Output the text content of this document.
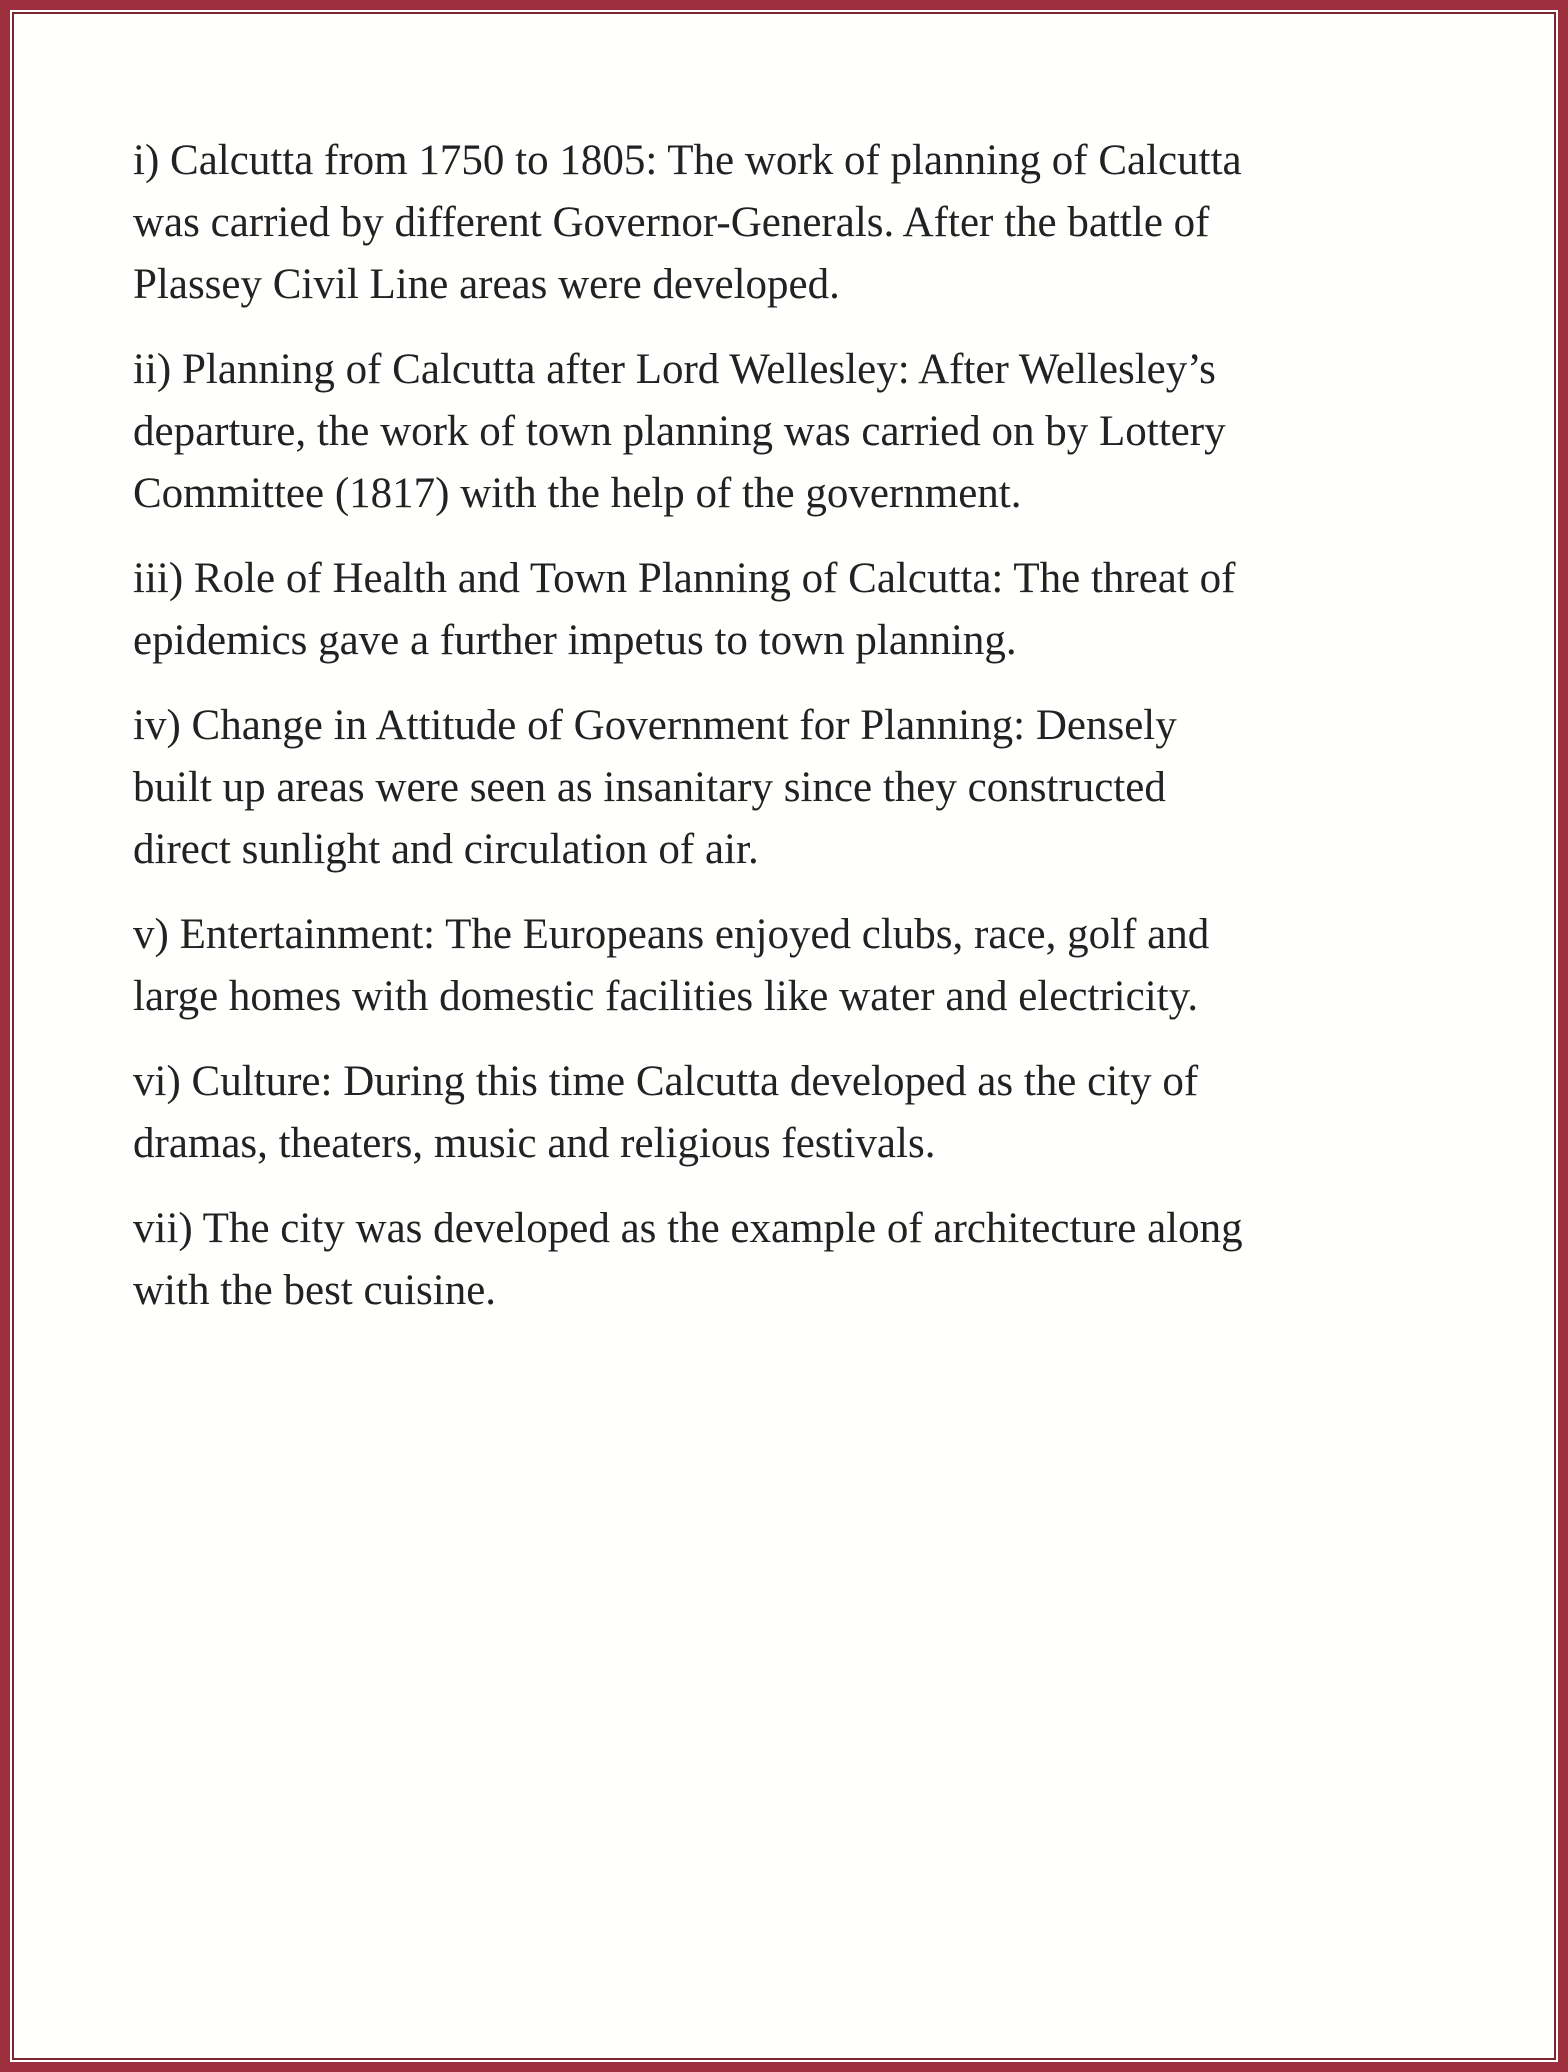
i) Calcutta from 1750 to 1805: The work of planning of Calcutta
was carried by different Governor-Generals. After the battle of
Plassey Civil Line areas were developed.

ii) Planning of Calcutta after Lord Wellesley: After Wellesley’s
departure, the work of town planning was carried on by Lottery
Committee (1817) with the help of the government.

iii) Role of Health and Town Planning of Calcutta: The threat of
epidemics gave a further impetus to town planning.

iv) Change in Attitude of Government for Planning: Densely
built up areas were seen as insanitary since they constructed
direct sunlight and circulation of air.

v) Entertainment: The Europeans enjoyed clubs, race, golf and
large homes with domestic facilities like water and electricity.

vi) Culture: During this time Calcutta developed as the city of
dramas, theaters, music and religious festivals.

vii) The city was developed as the example of architecture along
with the best cuisine.
